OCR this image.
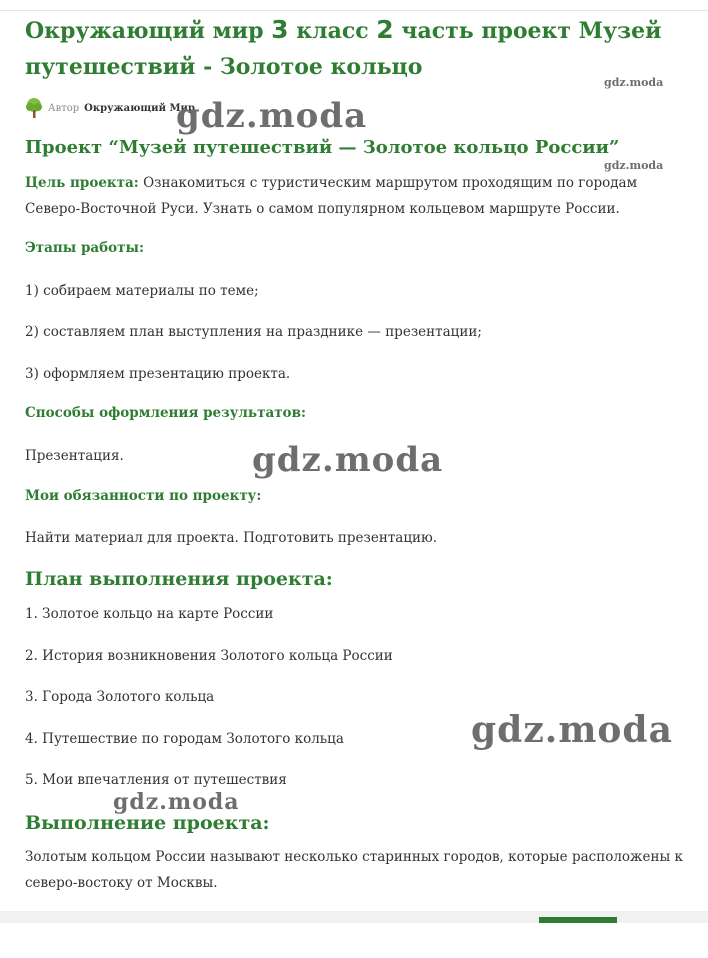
Окружающий мир 3 класс 2 часть проект Музей путешествий - Золотое кольцо
gdz.moda
Автор Окружающий Мир
gdz.moda
Проект “Музей путешествий — Золотое кольцо России”
gdz.moda

Цель проекта: Ознакомиться с туристическим маршрутом проходящим по городам Северо-Восточной Руси. Узнать о самом популярном кольцевом маршруте России.

Этапы работы:

1) собираем материалы по теме;

2) составляем план выступления на празднике — презентации;

3) оформляем презентацию проекта.

Способы оформления результатов:

Презентация.	gdz.moda

Мои обязанности по проекту:

Найти материал для проекта. Подготовить презентацию.

План выполнения проекта:

1. Золотое кольцо на карте России

2. История возникновения Золотого кольца России

3. Города Золотого кольца

4. Путешествие по городам Золотого кольца

5. Мои впечатления от путешествия

gdz.moda
gdz.moda
Выполнение проекта:

Золотым кольцом России называют несколько старинных городов, которые расположены к северо-востоку от Москвы.
